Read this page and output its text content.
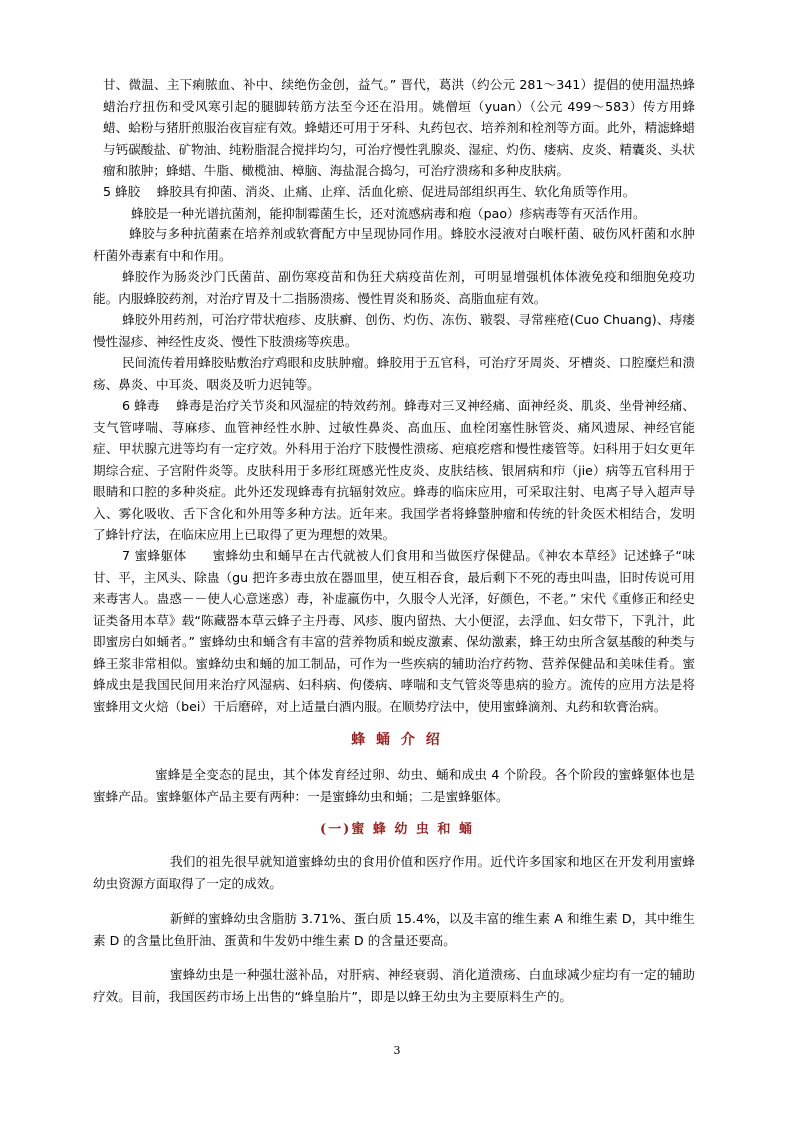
甘、微温、主下痢脓血、补中、续绝伤金创，益气。” 晋代，葛洪（约公元 281～341）提倡的使用温热蜂蜡治疗扭伤和受风寒引起的腿脚转筋方法至今还在沿用。姚僧垣（yuan）（公元 499～583）传方用蜂蜡、蛤粉与猪肝煎服治夜盲症有效。蜂蜡还可用于牙科、丸药包衣、培养剂和栓剂等方面。此外，精滤蜂蜡与钙碳酸盐、矿物油、纯粉脂混合搅拌均匀，可治疗慢性乳腺炎、湿症、灼伤、瘘病、皮炎、精囊炎、头状瘤和脓肿；蜂蜡、牛脂、橄榄油、樟脑、海盐混合捣匀，可治疗溃疡和多种皮肤病。

5 蜂胶　 蜂胶具有抑菌、消炎、止痛、止痒、活血化瘀、促进局部组织再生、软化角质等作用。

蜂胶是一种光谱抗菌剂，能抑制霉菌生长，还对流感病毒和疱（pao）疹病毒等有灭活作用。

蜂胶与多种抗菌素在培养剂或软膏配方中呈现协同作用。蜂胶水浸液对白喉杆菌、破伤风杆菌和水肿杆菌外毒素有中和作用。

蜂胶作为肠炎沙门氏菌苗、副伤寒疫苗和伪狂犬病疫苗佐剂，可明显增强机体体液免疫和细胞免疫功能。内服蜂胶药剂，对治疗胃及十二指肠溃疡、慢性胃炎和肠炎、高脂血症有效。

蜂胶外用药剂，可治疗带状疱疹、皮肤癣、创伤、灼伤、冻伤、皲裂、寻常痤疮(Cuo Chuang)、痔瘘慢性湿疹、神经性皮炎、慢性下肢溃疡等疾患。

民间流传着用蜂胶贴敷治疗鸡眼和皮肤肿瘤。蜂胶用于五官科，可治疗牙周炎、牙槽炎、口腔糜烂和溃疡、鼻炎、中耳炎、咽炎及听力迟钝等。

6 蜂毒　 蜂毒是治疗关节炎和风湿症的特效药剂。蜂毒对三叉神经痛、面神经炎、肌炎、坐骨神经痛、支气管哮喘、荨麻疹、血管神经性水肿、过敏性鼻炎、高血压、血栓闭塞性脉管炎、痛风遗尿、神经官能症、甲状腺亢进等均有一定疗效。外科用于治疗下肢慢性溃疡、疤痕疙瘩和慢性瘘管等。妇科用于妇女更年期综合症、子宫附件炎等。皮肤科用于多形红斑感光性皮炎、皮肤结核、银屑病和疖（jie）病等五官科用于眼睛和口腔的多种炎症。此外还发现蜂毒有抗辐射效应。蜂毒的临床应用，可采取注射、电离子导入超声导入、雾化吸收、舌下含化和外用等多种方法。近年来。我国学者将蜂螫肿瘤和传统的针灸医术相结合，发明了蜂针疗法，在临床应用上已取得了更为理想的效果。

7 蜜蜂躯体　　蜜蜂幼虫和蛹早在古代就被人们食用和当做医疗保健品。《神农本草经》记述蜂子“味甘、平，主风头、除蛊（gu 把许多毒虫放在器皿里，使互相吞食，最后剩下不死的毒虫叫蛊，旧时传说可用来毒害人。蛊惑－－使人心意迷惑）毒，补虚羸伤中，久服令人光泽，好颜色，不老。” 宋代《重修正和经史证类备用本草》载“陈藏器本草云蜂子主丹毒、风疹、腹内留热、大小便涩，去浮血、妇女带下，下乳汁，此即蜜房白如蛹者。” 蜜蜂幼虫和蛹含有丰富的营养物质和蜕皮激素、保幼激素，蜂王幼虫所含氨基酸的种类与蜂王浆非常相似。蜜蜂幼虫和蛹的加工制品，可作为一些疾病的辅助治疗药物、营养保健品和美味佳肴。蜜蜂成虫是我国民间用来治疗风湿病、妇科病、佝偻病、哮喘和支气管炎等患病的验方。流传的应用方法是将蜜蜂用文火焙（bei）干后磨碎，对上适量白酒内服。在顺势疗法中，使用蜜蜂滴剂、丸药和软膏治病。

蜂 蛹 介 绍

蜜蜂是全变态的昆虫，其个体发育经过卵、幼虫、蛹和成虫 4 个阶段。各个阶段的蜜蜂躯体也是蜜蜂产品。蜜蜂躯体产品主要有两种：一是蜜蜂幼虫和蛹；二是蜜蜂躯体。

(一)蜜 蜂 幼 虫 和 蛹

我们的祖先很早就知道蜜蜂幼虫的食用价值和医疗作用。近代许多国家和地区在开发利用蜜蜂幼虫资源方面取得了一定的成效。

新鲜的蜜蜂幼虫含脂肪 3.71%、蛋白质 15.4%，以及丰富的维生素 A 和维生素 D，其中维生素 D 的含量比鱼肝油、蛋黄和牛发奶中维生素 D 的含量还要高。

蜜蜂幼虫是一种强壮滋补品，对肝病、神经衰弱、消化道溃疡、白血球减少症均有一定的辅助疗效。目前，我国医药市场上出售的“蜂皇胎片”，即是以蜂王幼虫为主要原料生产的。

3
